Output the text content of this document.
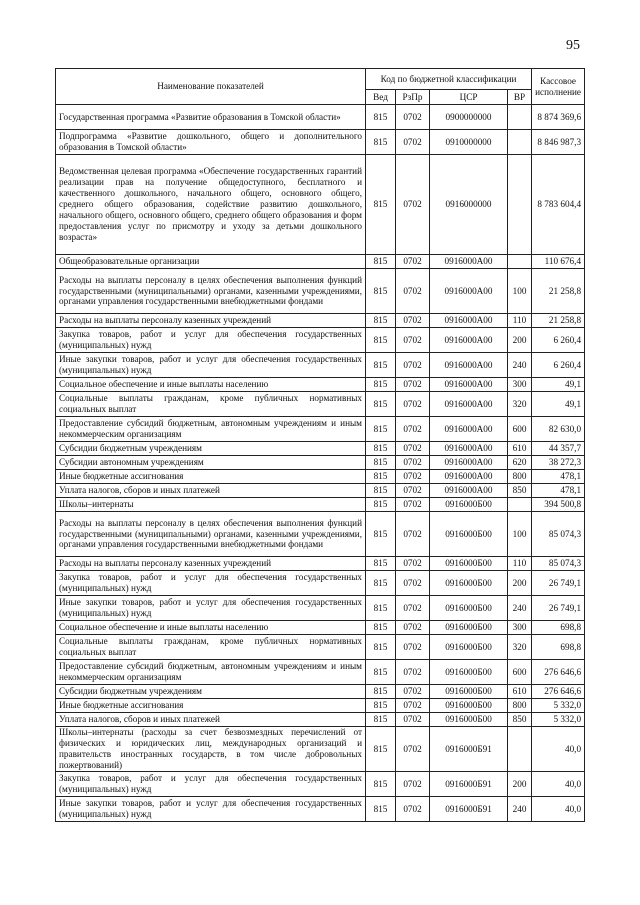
95
Наименование показателей	Код по бюджетной классификации				Кассовое исполнение
	Вед	РзПр	ЦСР	ВР	
Государственная программа «Развитие образования в Томской области»	815	0702	0900000000		8 874 369,6
Подпрограмма «Развитие дошкольного, общего и дополнительного образования в Томской области»	815	0702	0910000000		8 846 987,3
Ведомственная целевая программа «Обеспечение государственных гарантий реализации прав на получение общедоступного, бесплатного и качественного дошкольного, начального общего, основного общего, среднего общего образования, содействие развитию дошкольного, начального общего, основного общего, среднего общего образования и форм предоставления услуг по присмотру и уходу за детьми дошкольного возраста»	815	0702	0916000000		8 783 604,4
Общеобразовательные организации	815	0702	0916000А00		110 676,4
Расходы на выплаты персоналу в целях обеспечения выполнения функций государственными (муниципальными) органами, казенными учреждениями, органами управления государственными внебюджетными фондами	815	0702	0916000А00	100	21 258,8
Расходы на выплаты персоналу казенных учреждений	815	0702	0916000А00	110	21 258,8
Закупка товаров, работ и услуг для обеспечения государственных (муниципальных) нужд	815	0702	0916000А00	200	6 260,4
Иные закупки товаров, работ и услуг для обеспечения государственных (муниципальных) нужд	815	0702	0916000А00	240	6 260,4
Социальное обеспечение и иные выплаты населению	815	0702	0916000А00	300	49,1
Социальные выплаты гражданам, кроме публичных нормативных социальных выплат	815	0702	0916000А00	320	49,1
Предоставление субсидий бюджетным, автономным учреждениям и иным некоммерческим организациям	815	0702	0916000А00	600	82 630,0
Субсидии бюджетным учреждениям	815	0702	0916000А00	610	44 357,7
Субсидии автономным учреждениям	815	0702	0916000А00	620	38 272,3
Иные бюджетные ассигнования	815	0702	0916000А00	800	478,1
Уплата налогов, сборов и иных платежей	815	0702	0916000А00	850	478,1
Школы–интернаты	815	0702	0916000Б00		394 500,8
Расходы на выплаты персоналу в целях обеспечения выполнения функций государственными (муниципальными) органами, казенными учреждениями, органами управления государственными внебюджетными фондами	815	0702	0916000Б00	100	85 074,3
Расходы на выплаты персоналу казенных учреждений	815	0702	0916000Б00	110	85 074,3
Закупка товаров, работ и услуг для обеспечения государственных (муниципальных) нужд	815	0702	0916000Б00	200	26 749,1
Иные закупки товаров, работ и услуг для обеспечения государственных (муниципальных) нужд	815	0702	0916000Б00	240	26 749,1
Социальное обеспечение и иные выплаты населению	815	0702	0916000Б00	300	698,8
Социальные выплаты гражданам, кроме публичных нормативных социальных выплат	815	0702	0916000Б00	320	698,8
Предоставление субсидий бюджетным, автономным учреждениям и иным некоммерческим организациям	815	0702	0916000Б00	600	276 646,6
Субсидии бюджетным учреждениям	815	0702	0916000Б00	610	276 646,6
Иные бюджетные ассигнования	815	0702	0916000Б00	800	5 332,0
Уплата налогов, сборов и иных платежей	815	0702	0916000Б00	850	5 332,0
Школы–интернаты (расходы за счет безвозмездных перечислений от физических и юридических лиц, международных организаций и правительств иностранных государств, в том числе добровольных пожертвований)	815	0702	0916000Б91		40,0
Закупка товаров, работ и услуг для обеспечения государственных (муниципальных) нужд	815	0702	0916000Б91	200	40,0
Иные закупки товаров, работ и услуг для обеспечения государственных (муниципальных) нужд	815	0702	0916000Б91	240	40,0
